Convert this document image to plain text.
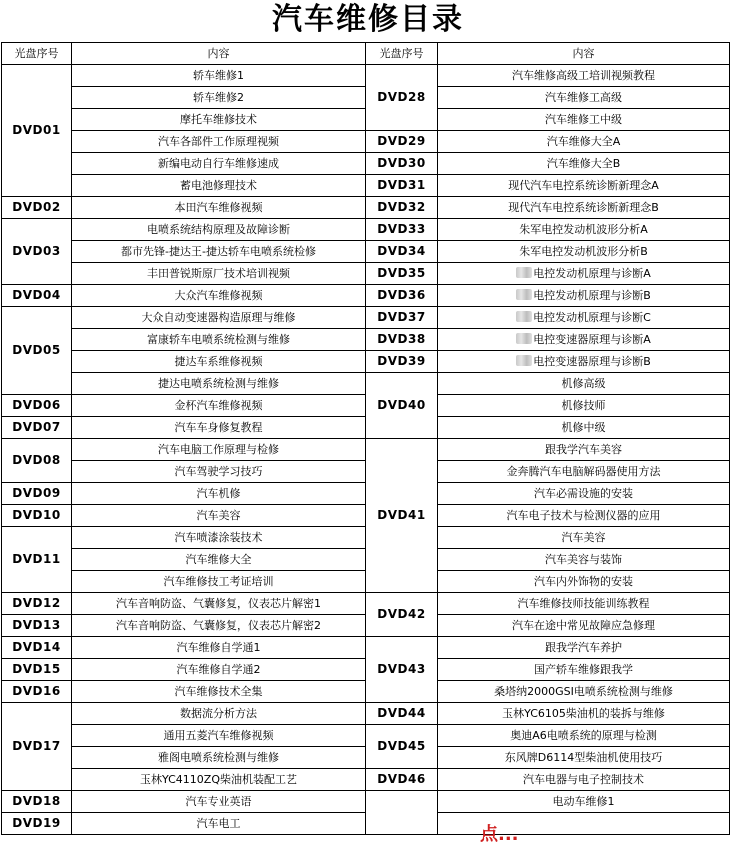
汽车维修目录
光盘序号	内容	光盘序号	内容
DVD01	轿车维修1	DVD28	汽车维修高级工培训视频教程
	轿车维修2		汽车维修工高级
	摩托车维修技术		汽车维修工中级
	汽车各部件工作原理视频	DVD29	汽车维修大全A
	新编电动自行车维修速成	DVD30	汽车维修大全B
	蓄电池修理技术	DVD31	现代汽车电控系统诊断新理念A
DVD02	本田汽车维修视频	DVD32	现代汽车电控系统诊断新理念B
DVD03	电喷系统结构原理及故障诊断	DVD33	朱军电控发动机波形分析A
	都市先锋-捷达王-捷达轿车电喷系统检修	DVD34	朱军电控发动机波形分析B
	丰田普锐斯原厂技术培训视频	DVD35	电控发动机原理与诊断A
DVD04	大众汽车维修视频	DVD36	电控发动机原理与诊断B
DVD05	大众自动变速器构造原理与维修	DVD37	电控发动机原理与诊断C
	富康轿车电喷系统检测与维修	DVD38	电控变速器原理与诊断A
	捷达车系维修视频	DVD39	电控变速器原理与诊断B
	捷达电喷系统检测与维修	DVD40	机修高级
DVD06	金杯汽车维修视频		机修技师
DVD07	汽车车身修复教程		机修中级
DVD08	汽车电脑工作原理与检修	DVD41	跟我学汽车美容
	汽车驾驶学习技巧		金奔腾汽车电脑解码器使用方法
DVD09	汽车机修		汽车必需设施的安装
DVD10	汽车美容		汽车电子技术与检测仪器的应用
DVD11	汽车喷漆涂装技术		汽车美容
	汽车维修大全		汽车美容与装饰
	汽车维修技工考证培训		汽车内外饰物的安装
DVD12	汽车音响防盗、气囊修复，仪表芯片解密1	DVD42	汽车维修技师技能训练教程
DVD13	汽车音响防盗、气囊修复，仪表芯片解密2		汽车在途中常见故障应急修理
DVD14	汽车维修自学通1	DVD43	跟我学汽车养护
DVD15	汽车维修自学通2		国产轿车维修跟我学
DVD16	汽车维修技术全集		桑塔纳2000GSI电喷系统检测与维修
DVD17	数据流分析方法	DVD44	玉林YC6105柴油机的装拆与维修
	通用五菱汽车维修视频	DVD45	奥迪A6电喷系统的原理与检测
	雅阁电喷系统检测与维修		东风牌D6114型柴油机使用技巧
	玉林YC4110ZQ柴油机装配工艺	DVD46	汽车电器与电子控制技术
DVD18	汽车专业英语		电动车维修1
DVD19	汽车电工		
点...
